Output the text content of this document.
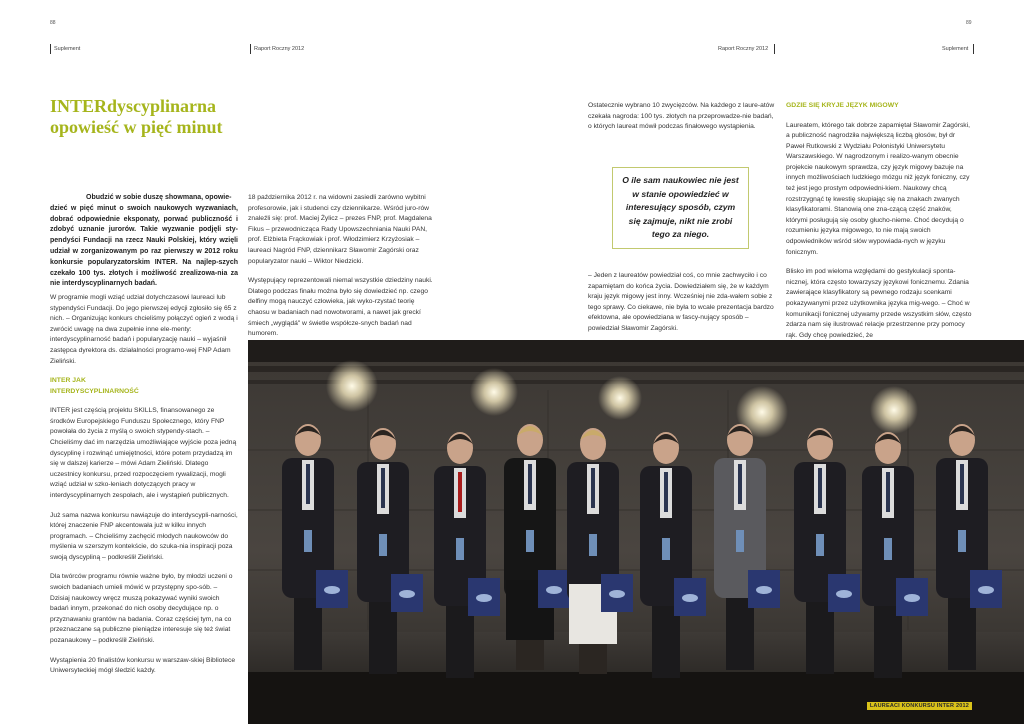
88	89
Suplement	Raport Roczny 2012	Raport Roczny 2012	Suplement
INTERdyscyplinarna
opowieść w pięć minut
Obudzić w sobie duszę showmana, opowie-
dzieć w pięć minut o swoich naukowych wyzwaniach, dobrać odpowiednie eksponaty, porwać publiczność i zdobyć uznanie jurorów. Takie wyzwanie podjęli sty-pendyści Fundacji na rzecz Nauki Polskiej, który wzięli udział w zorganizowanym po raz pierwszy w 2012 roku konkursie popularyzatorskim INTER. Na najlep-szych czekało 100 tys. złotych i możliwość zrealizowa-nia za nie interdyscyplinarnych badań.

W programie mogli wziąć udział dotychczasowi laureaci lub stypendyści Fundacji. Do jego pierwszej edycji zgłosiło się 65 z nich. – Organizując konkurs chcieliśmy połączyć ogień z wodą i zwrócić uwagę na dwa zupełnie inne ele-menty: interdyscyplinarność badań i popularyzację nauki – wyjaśnił zastępca dyrektora ds. działalności programo-wej FNP Adam Zieliński.

INTER JAK
INTERDYSCYPLINARNOŚĆ

INTER jest częścią projektu SKILLS, finansowanego ze środków Europejskiego Funduszu Społecznego, który FNP powołała do życia z myślą o swoich stypendy-stach. – Chcieliśmy dać im narzędzia umożliwiające wyjście poza jedną dyscyplinę i rozwinąć umiejętności, które potem przydadzą im się w dalszej karierze – mówi Adam Zieliński. Dlatego uczestnicy konkursu, przed rozpoczęciem rywalizacji, mogli wziąć udział w szko-leniach dotyczących pracy w interdyscyplinarnych zespołach, ale i wystąpień publicznych.

Już sama nazwa konkursu nawiązuje do interdyscypli-narności, której znaczenie FNP akcentowała już w kilku innych programach. – Chcieliśmy zachęcić młodych naukowców do myślenia w szerszym kontekście, do szuka-nia inspiracji poza swoją dyscypliną – podkreślił Zieliński.

Dla twórców programu równie ważne było, by młodzi uczeni o swoich badaniach umieli mówić w przystępny spo-sób. – Dzisiaj naukowcy wręcz muszą pokazywać wyniki swoich badań innym, przekonać do nich osoby decydujące np. o przyznawaniu grantów na badania. Coraz częściej tym, na co przeznaczane są publiczne pieniądze interesuje się też świat pozanaukowy – podkreślił Zieliński.

Wystąpienia 20 finalistów konkursu w warszaw-skiej Bibliotece Uniwersyteckiej mógł śledzić każdy.

18 października 2012 r. na widowni zasiedli zarówno wybitni profesorowie, jak i studenci czy dziennikarze. Wśród juro-rów znaleźli się: prof. Maciej Żylicz – prezes FNP, prof. Magdalena Fikus – przewodnicząca Rady Upowszechniania Nauki PAN, prof. Elżbieta Frąckowiak i prof. Włodzimierz Krzyżosiak – laureaci Nagród FNP, dziennikarz Sławomir Zagórski oraz popularyzator nauki – Wiktor Niedzicki.

Występujący reprezentowali niemal wszystkie dziedziny nauki. Dlatego podczas finału można było się dowiedzieć np. czego delfiny mogą nauczyć człowieka, jak wyko-rzystać teorię chaosu w badaniach nad nowotworami, a nawet jak greckí śmiech „wyglądá" w świetle współcze-snych badań nad humorem.

Ostatecznie wybrano 10 zwycięzców. Na każdego z laure-atów czekała nagroda: 100 tys. złotych na przeprowadze-nie badań, o których laureat mówił podczas finałowego wystąpienia.

O ile sam naukowiec nie jest w stanie opowiedzieć w interesujący sposób, czym się zajmuje, nikt nie zrobi tego za niego.

– Jeden z laureatów powiedział coś, co mnie zachwyciło i co zapamiętam do końca życia. Dowiedziałem się, że w każdym kraju język migowy jest inny. Wcześniej nie zda-wałem sobie z tego sprawy. Co ciekawe, nie była to wcale prezentacja bardzo efektowna, ale opowiedziana w fascy-nujący sposób – powiedział Sławomir Zagórski.

GDZIE SIĘ KRYJE JĘZYK MIGOWY

Laureatem, którego tak dobrze zapamiętał Sławomir Zagórski, a publiczność nagrodziła największą liczbą głosów, był dr Paweł Rutkowski z Wydziału Polonistyki Uniwersytetu Warszawskiego. W nagrodzonym i realizo-wanym obecnie projekcie naukowym sprawdza, czy język migowy bazuje na innych możliwościach ludzkiego mózgu niż język foniczny, czy też jest jego prostym odpowiedni-kiem. Naukowy chcą rozstrzygnąć tę kwestię skupiając się na znakach zwanych klasyfikatorami. Stanowią one zna-czącą część znaków, którymi posługują się osoby głucho-nieme. Choć decydują o rozumieniu języka migowego, to nie mają swoich odpowiedników wśród słów wypowiada-nych w języku fonicznym.

Blisko im pod wieloma względami do gestykulacji sponta-nicznej, która często towarzyszy językowi fonicznemu. Zdania zawierające klasyfikatory są pewnego rodzaju scenkami pokazywanymi przez użytkownika języka mig-wego. – Choć w komunikacji fonicznej używamy przede wszystkim słów, często zdarza nam się ilustrować relacje przestrzenne przy pomocy rąk. Gdy chcę powiedzieć, że

LAUREACI KONKURSU INTER 2012
